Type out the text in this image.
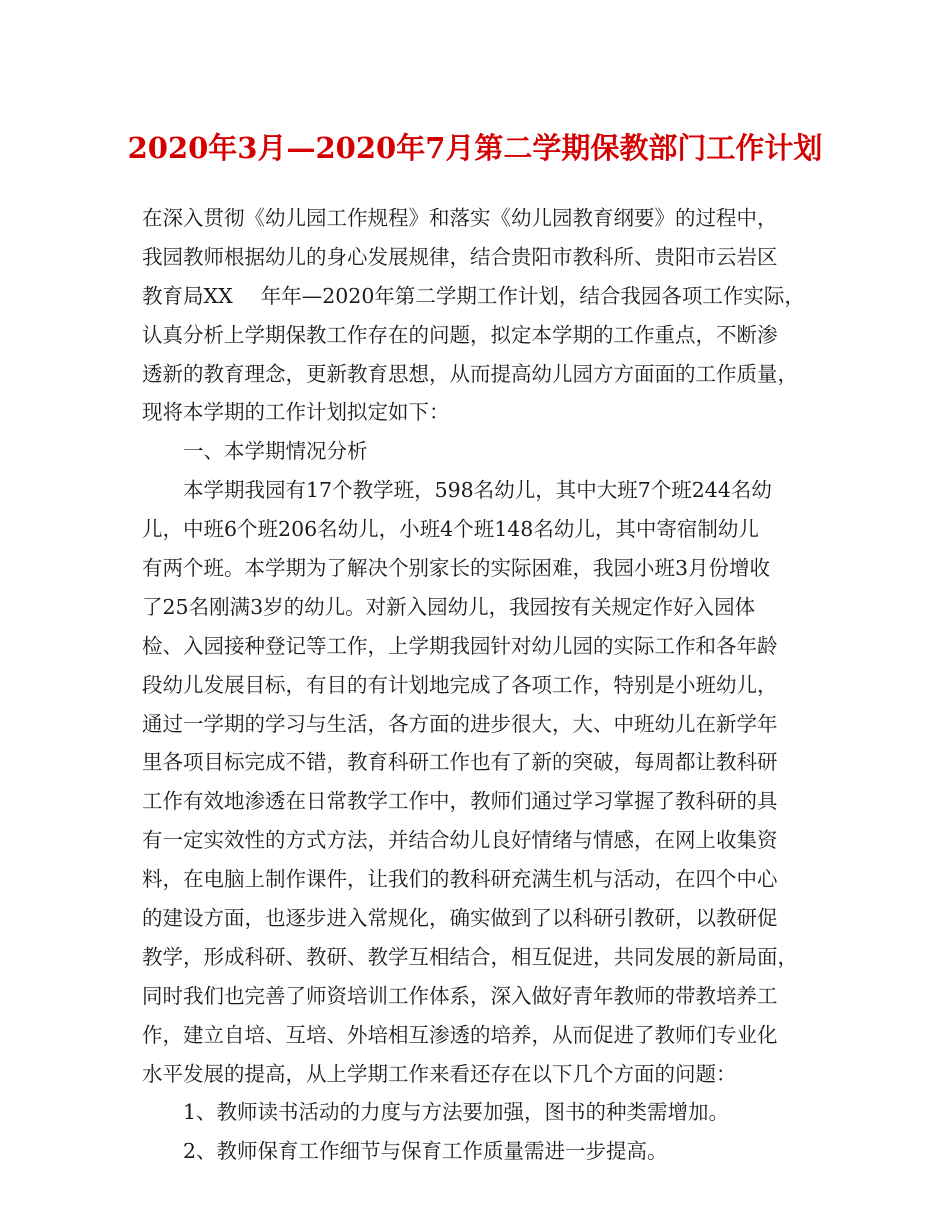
2020年3月—2020年7月第二学期保教部门工作计划
在深入贯彻《幼儿园工作规程》和落实《幼儿园教育纲要》的过程中，
我园教师根据幼儿的身心发展规律，结合贵阳市教科所、贵阳市云岩区
教育局XX 年年—2020年第二学期工作计划，结合我园各项工作实际，
认真分析上学期保教工作存在的问题，拟定本学期的工作重点，不断渗
透新的教育理念，更新教育思想，从而提高幼儿园方方面面的工作质量，
现将本学期的工作计划拟定如下：
一、本学期情况分析
本学期我园有17个教学班，598名幼儿，其中大班7个班244名幼
儿，中班6个班206名幼儿，小班4个班148名幼儿，其中寄宿制幼儿
有两个班。本学期为了解决个别家长的实际困难，我园小班3月份增收
了25名刚满3岁的幼儿。对新入园幼儿，我园按有关规定作好入园体
检、入园接种登记等工作，上学期我园针对幼儿园的实际工作和各年龄
段幼儿发展目标，有目的有计划地完成了各项工作，特别是小班幼儿，
通过一学期的学习与生活，各方面的进步很大，大、中班幼儿在新学年
里各项目标完成不错，教育科研工作也有了新的突破，每周都让教科研
工作有效地渗透在日常教学工作中，教师们通过学习掌握了教科研的具
有一定实效性的方式方法，并结合幼儿良好情绪与情感，在网上收集资
料，在电脑上制作课件，让我们的教科研充满生机与活动，在四个中心
的建设方面，也逐步进入常规化，确实做到了以科研引教研，以教研促
教学，形成科研、教研、教学互相结合，相互促进，共同发展的新局面，
同时我们也完善了师资培训工作体系，深入做好青年教师的带教培养工
作，建立自培、互培、外培相互渗透的培养，从而促进了教师们专业化
水平发展的提高，从上学期工作来看还存在以下几个方面的问题：
1、教师读书活动的力度与方法要加强，图书的种类需增加。
2、教师保育工作细节与保育工作质量需进一步提高。
